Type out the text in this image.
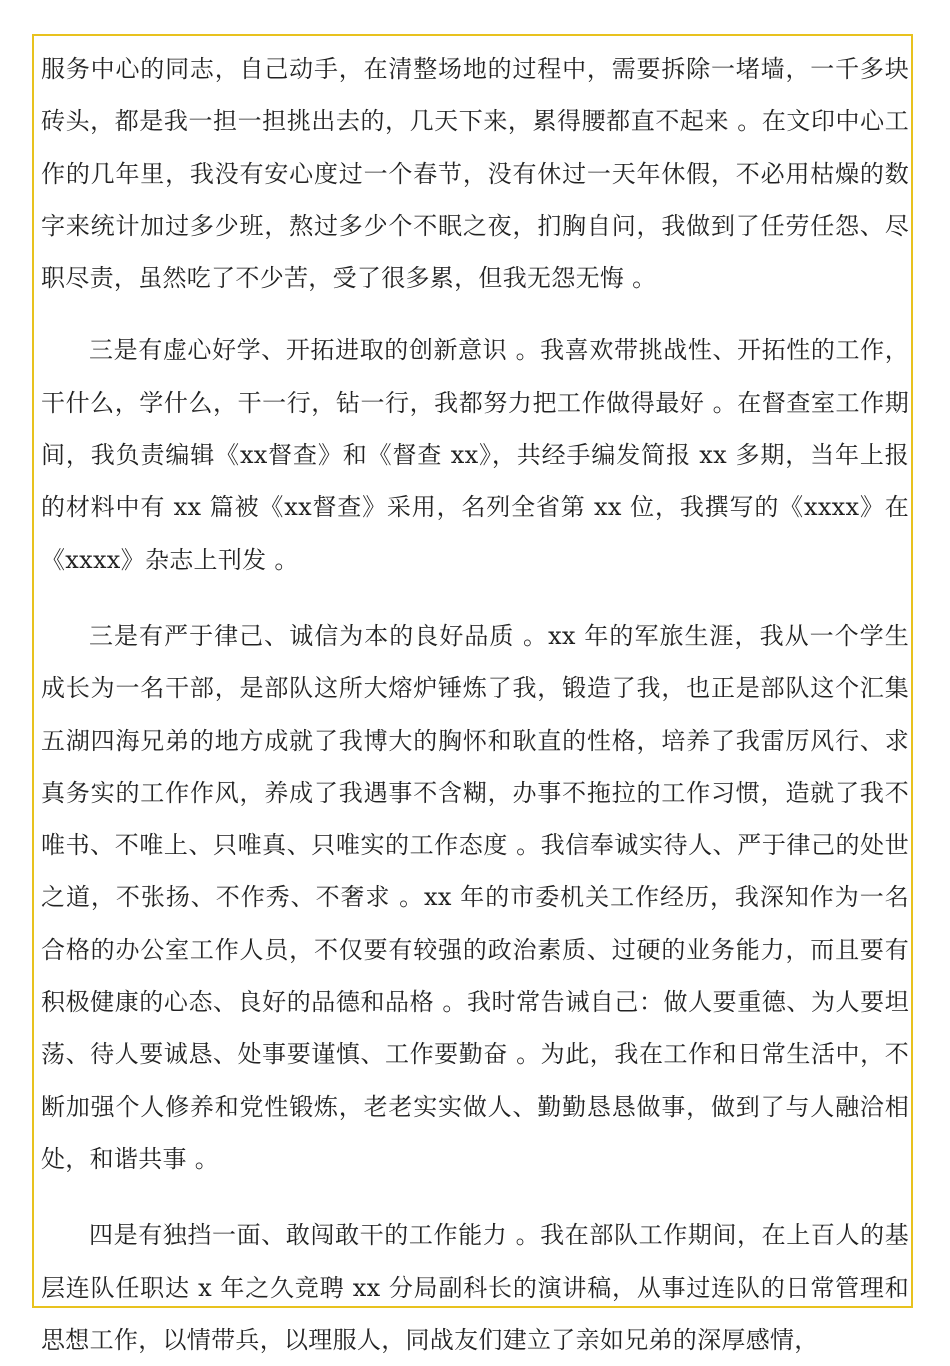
服务中心的同志，自己动手，在清整场地的过程中，需要拆除一堵墙，一千多块砖头，都是我一担一担挑出去的，几天下来，累得腰都直不起来 。在文印中心工作的几年里，我没有安心度过一个春节，没有休过一天年休假，不必用枯燥的数字来统计加过多少班，熬过多少个不眠之夜，扪胸自问，我做到了任劳任怨、尽职尽责，虽然吃了不少苦，受了很多累，但我无怨无悔 。

三是有虚心好学、开拓进取的创新意识 。我喜欢带挑战性、开拓性的工作，干什么，学什么，干一行，钻一行，我都努力把工作做得最好 。在督查室工作期间，我负责编辑《xx督查》和《督查 xx》，共经手编发简报 xx 多期，当年上报的材料中有 xx 篇被《xx督查》采用，名列全省第 xx 位，我撰写的《xxxx》在《xxxx》杂志上刊发 。

三是有严于律己、诚信为本的良好品质 。xx 年的军旅生涯，我从一个学生成长为一名干部，是部队这所大熔炉锤炼了我，锻造了我，也正是部队这个汇集五湖四海兄弟的地方成就了我博大的胸怀和耿直的性格，培养了我雷厉风行、求真务实的工作作风，养成了我遇事不含糊，办事不拖拉的工作习惯，造就了我不唯书、不唯上、只唯真、只唯实的工作态度 。我信奉诚实待人、严于律己的处世之道，不张扬、不作秀、不奢求 。xx 年的市委机关工作经历，我深知作为一名合格的办公室工作人员，不仅要有较强的政治素质、过硬的业务能力，而且要有积极健康的心态、良好的品德和品格 。我时常告诫自己：做人要重德、为人要坦荡、待人要诚恳、处事要谨慎、工作要勤奋 。为此，我在工作和日常生活中，不断加强个人修养和党性锻炼，老老实实做人、勤勤恳恳做事，做到了与人融洽相处，和谐共事 。

四是有独挡一面、敢闯敢干的工作能力 。我在部队工作期间，在上百人的基层连队任职达 x 年之久竞聘 xx 分局副科长的演讲稿，从事过连队的日常管理和思想工作，以情带兵，以理服人，同战友们建立了亲如兄弟的深厚感情，
